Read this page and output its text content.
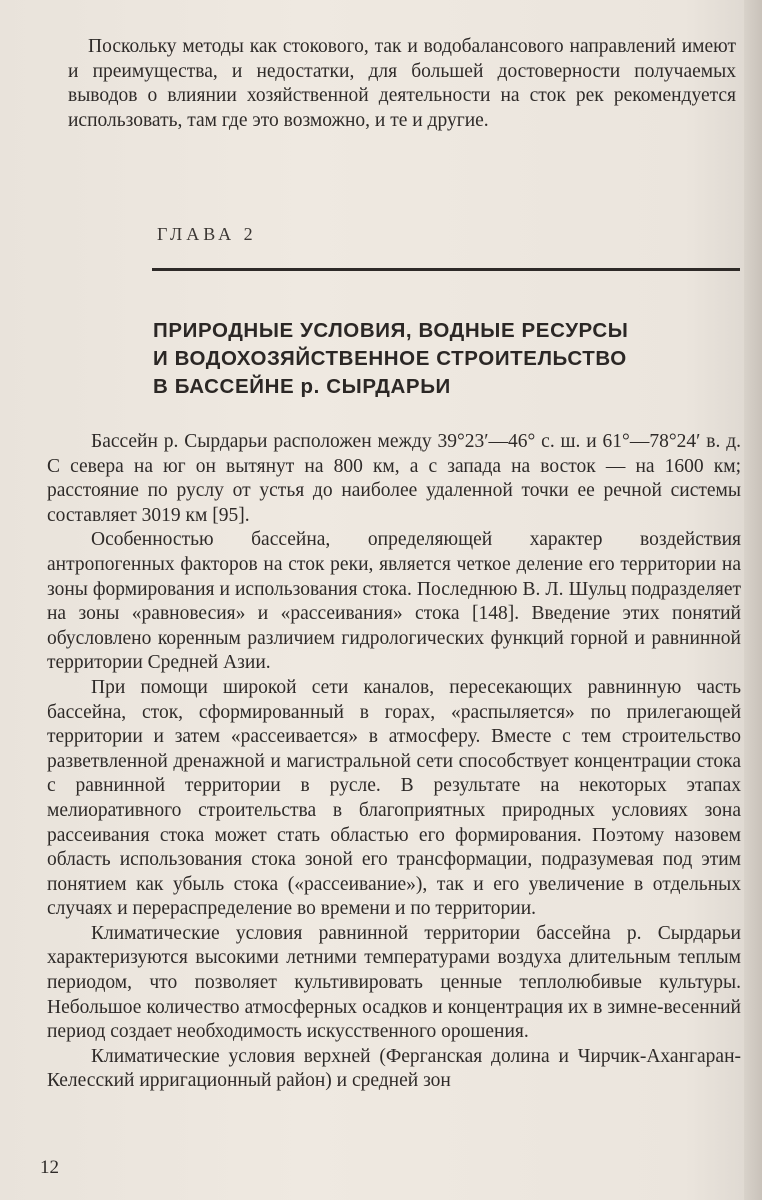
Поскольку методы как стокового, так и водобалансового направлений имеют и преимущества, и недостатки, для большей достоверности получаемых выводов о влиянии хозяйственной деятельности на сток рек рекомендуется использовать, там где это возможно, и те и другие.

ГЛАВА 2
ПРИРОДНЫЕ УСЛОВИЯ, ВОДНЫЕ РЕСУРСЫ
И ВОДОХОЗЯЙСТВЕННОЕ СТРОИТЕЛЬСТВО
В БАССЕЙНЕ р. СЫРДАРЬИ

Бассейн р. Сырдарьи расположен между 39°23′—46° с. ш. и 61°—78°24′ в. д. С севера на юг он вытянут на 800 км, а с запада на восток — на 1600 км; расстояние по руслу от устья до наиболее удаленной точки ее речной системы составляет 3019 км [95].

Особенностью бассейна, определяющей характер воздействия антропогенных факторов на сток реки, является четкое деление его территории на зоны формирования и использования стока. Последнюю В. Л. Шульц подразделяет на зоны «равновесия» и «рассеивания» стока [148]. Введение этих понятий обусловлено коренным различием гидрологических функций горной и равнинной территории Средней Азии.

При помощи широкой сети каналов, пересекающих равнинную часть бассейна, сток, сформированный в горах, «распыляется» по прилегающей территории и затем «рассеивается» в атмосферу. Вместе с тем строительство разветвленной дренажной и магистральной сети способствует концентрации стока с равнинной территории в русле. В результате на некоторых этапах мелиоративного строительства в благоприятных природных условиях зона рассеивания стока может стать областью его формирования. Поэтому назовем область использования стока зоной его трансформации, подразумевая под этим понятием как убыль стока («рассеивание»), так и его увеличение в отдельных случаях и перераспределение во времени и по территории.

Климатические условия равнинной территории бассейна р. Сырдарьи характеризуются высокими летними температурами воздуха длительным теплым периодом, что позволяет культивировать ценные теплолюбивые культуры. Небольшое количество атмосферных осадков и концентрация их в зимне-весенний период создает необходимость искусственного орошения.

Климатические условия верхней (Ферганская долина и Чирчик-Ахангаран-Келесский ирригационный район) и средней зон

12
